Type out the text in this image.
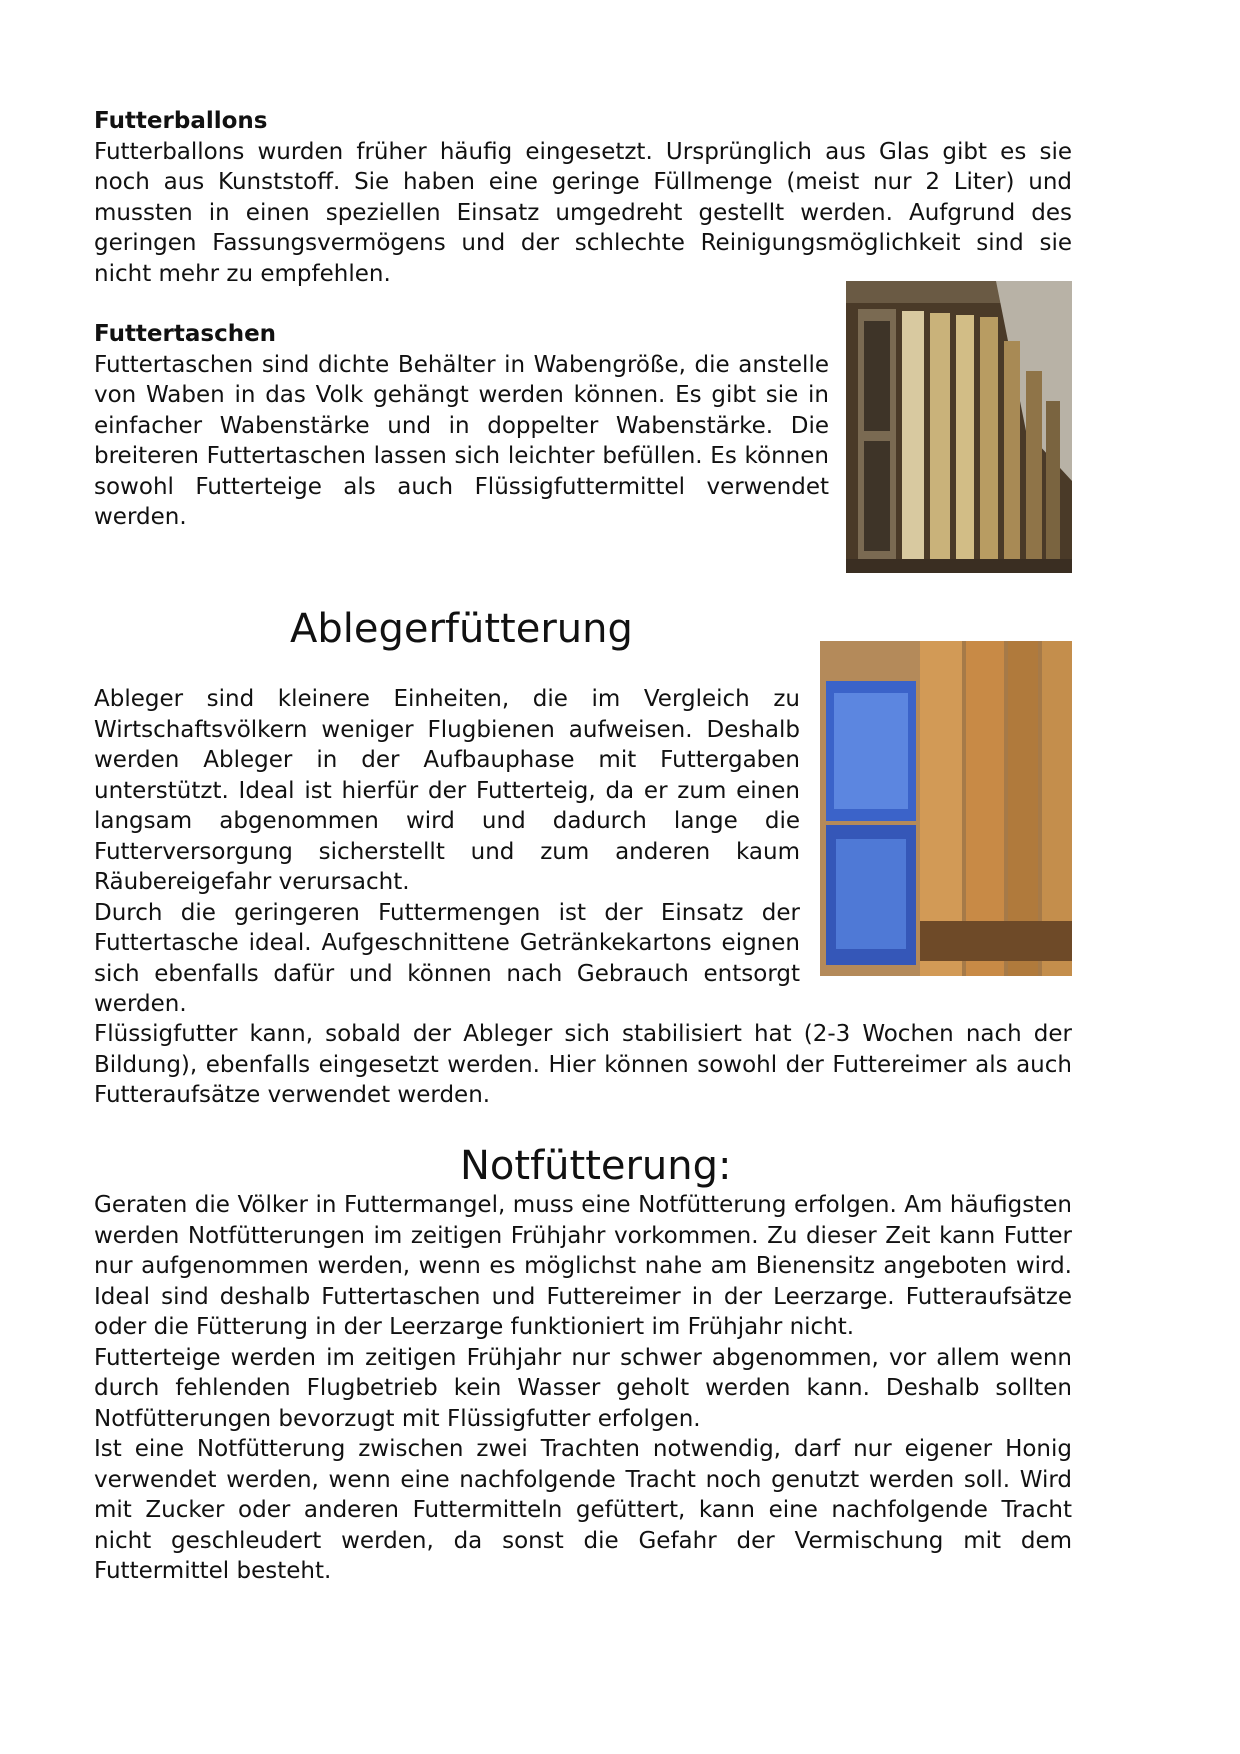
Futterballons

Futterballons wurden früher häufig eingesetzt. Ursprünglich aus Glas gibt es sie noch aus Kunststoff. Sie haben eine geringe Füllmenge (meist nur 2 Liter) und mussten in einen speziellen Einsatz umgedreht gestellt werden. Aufgrund des geringen Fassungsvermögens und der schlechte Reinigungsmöglichkeit sind sie nicht mehr zu empfehlen.

Futtertaschen

Futtertaschen sind dichte Behälter in Wabengröße, die anstelle von Waben in das Volk gehängt werden können. Es gibt sie in einfacher Wabenstärke und in doppelter Wabenstärke. Die breiteren Futtertaschen lassen sich leichter befüllen. Es können sowohl Futterteige als auch Flüssigfuttermittel verwendet werden.

Ablegerfütterung

Ableger sind kleinere Einheiten, die im Vergleich zu Wirtschaftsvölkern weniger Flugbienen aufweisen. Deshalb werden Ableger in der Aufbauphase mit Futtergaben unterstützt. Ideal ist hierfür der Futterteig, da er zum einen langsam abgenommen wird und dadurch lange die Futterversorgung sicherstellt und zum anderen kaum Räubereigefahr verursacht.

Durch die geringeren Futtermengen ist der Einsatz der Futtertasche ideal. Aufgeschnittene Getränkekartons eignen sich ebenfalls dafür und können nach Gebrauch entsorgt werden.

Flüssigfutter kann, sobald der Ableger sich stabilisiert hat (2-3 Wochen nach der Bildung), ebenfalls eingesetzt werden. Hier können sowohl der Futtereimer als auch Futteraufsätze verwendet werden.

Notfütterung:

Geraten die Völker in Futtermangel, muss eine Notfütterung erfolgen. Am häufigsten werden Notfütterungen im zeitigen Frühjahr vorkommen. Zu dieser Zeit kann Futter nur aufgenommen werden, wenn es möglichst nahe am Bienensitz angeboten wird. Ideal sind deshalb Futtertaschen und Futtereimer in der Leerzarge. Futteraufsätze oder die Fütterung in der Leerzarge funktioniert im Frühjahr nicht.

Futterteige werden im zeitigen Frühjahr nur schwer abgenommen, vor allem wenn durch fehlenden Flugbetrieb kein Wasser geholt werden kann. Deshalb sollten Notfütterungen bevorzugt mit Flüssigfutter erfolgen.

Ist eine Notfütterung zwischen zwei Trachten notwendig, darf nur eigener Honig verwendet werden, wenn eine nachfolgende Tracht noch genutzt werden soll. Wird mit Zucker oder anderen Futtermitteln gefüttert, kann eine nachfolgende Tracht nicht geschleudert werden, da sonst die Gefahr der Vermischung mit dem Futtermittel besteht.
